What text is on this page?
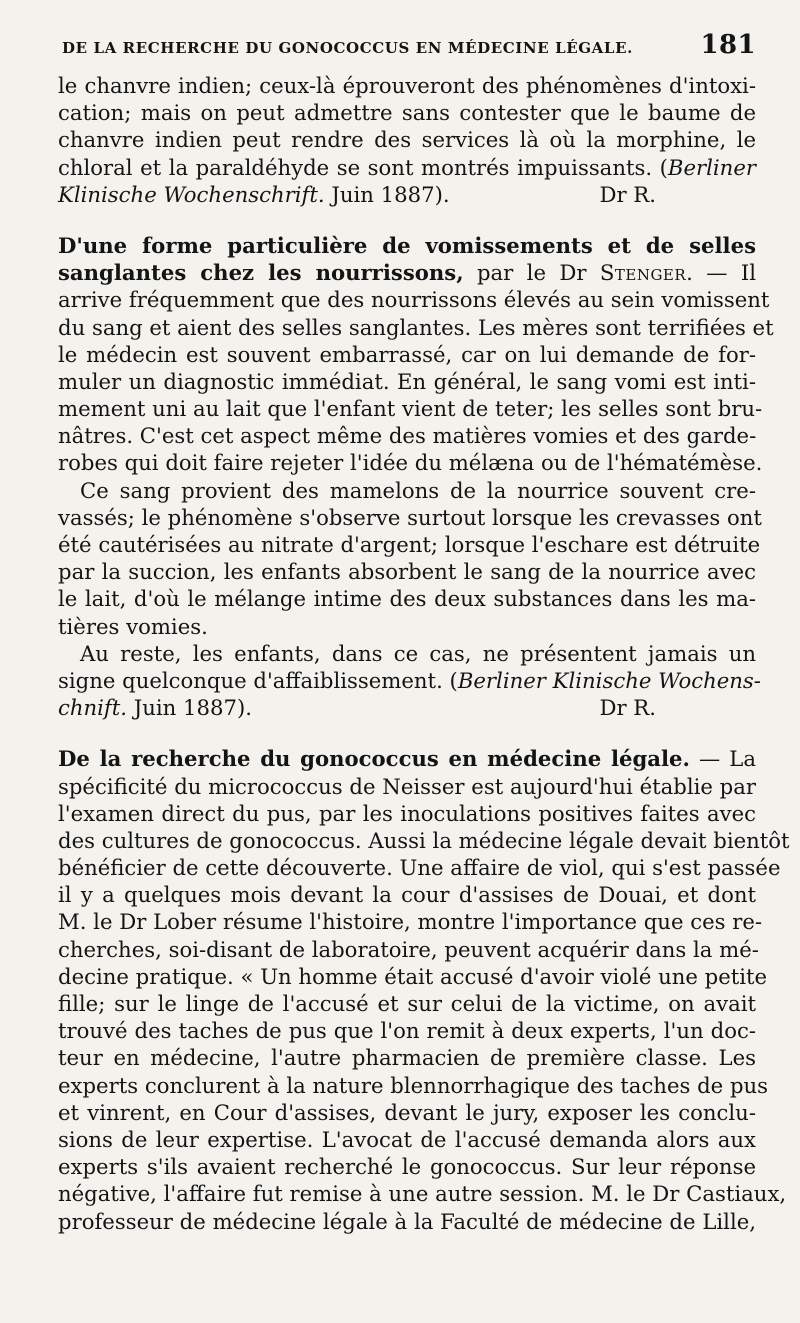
DE LA RECHERCHE DU GONOCOCCUS EN MÉDECINE LÉGALE.	181
le chanvre indien; ceux-là éprouveront des phénomènes d'intoxi-
cation; mais on peut admettre sans contester que le baume de
chanvre indien peut rendre des services là où la morphine, le
chloral et la paraldéhyde se sont montrés impuissants. (Berliner
Klinische Wochenschrift. Juin 1887).	Dr R.
D'une forme particulière de vomissements et de selles
sanglantes chez les nourrissons, par le Dr Stenger. — Il
arrive fréquemment que des nourrissons élevés au sein vomissent
du sang et aient des selles sanglantes. Les mères sont terrifiées et
le médecin est souvent embarrassé, car on lui demande de for-
muler un diagnostic immédiat. En général, le sang vomi est inti-
mement uni au lait que l'enfant vient de teter; les selles sont bru-
nâtres. C'est cet aspect même des matières vomies et des garde-
robes qui doit faire rejeter l'idée du mélæna ou de l'hématémèse.
Ce sang provient des mamelons de la nourrice souvent cre-
vassés; le phénomène s'observe surtout lorsque les crevasses ont
été cautérisées au nitrate d'argent; lorsque l'eschare est détruite
par la succion, les enfants absorbent le sang de la nourrice avec
le lait, d'où le mélange intime des deux substances dans les ma-
tières vomies.
Au reste, les enfants, dans ce cas, ne présentent jamais un
signe quelconque d'affaiblissement. (Berliner Klinische Wochens-
chnift. Juin 1887).	Dr R.
De la recherche du gonococcus en médecine légale. — La
spécificité du micrococcus de Neisser est aujourd'hui établie par
l'examen direct du pus, par les inoculations positives faites avec
des cultures de gonococcus. Aussi la médecine légale devait bientôt
bénéficier de cette découverte. Une affaire de viol, qui s'est passée
il y a quelques mois devant la cour d'assises de Douai, et dont
M. le Dr Lober résume l'histoire, montre l'importance que ces re-
cherches, soi-disant de laboratoire, peuvent acquérir dans la mé-
decine pratique. « Un homme était accusé d'avoir violé une petite
fille; sur le linge de l'accusé et sur celui de la victime, on avait
trouvé des taches de pus que l'on remit à deux experts, l'un doc-
teur en médecine, l'autre pharmacien de première classe. Les
experts conclurent à la nature blennorrhagique des taches de pus
et vinrent, en Cour d'assises, devant le jury, exposer les conclu-
sions de leur expertise. L'avocat de l'accusé demanda alors aux
experts s'ils avaient recherché le gonococcus. Sur leur réponse
négative, l'affaire fut remise à une autre session. M. le Dr Castiaux,
professeur de médecine légale à la Faculté de médecine de Lille,
